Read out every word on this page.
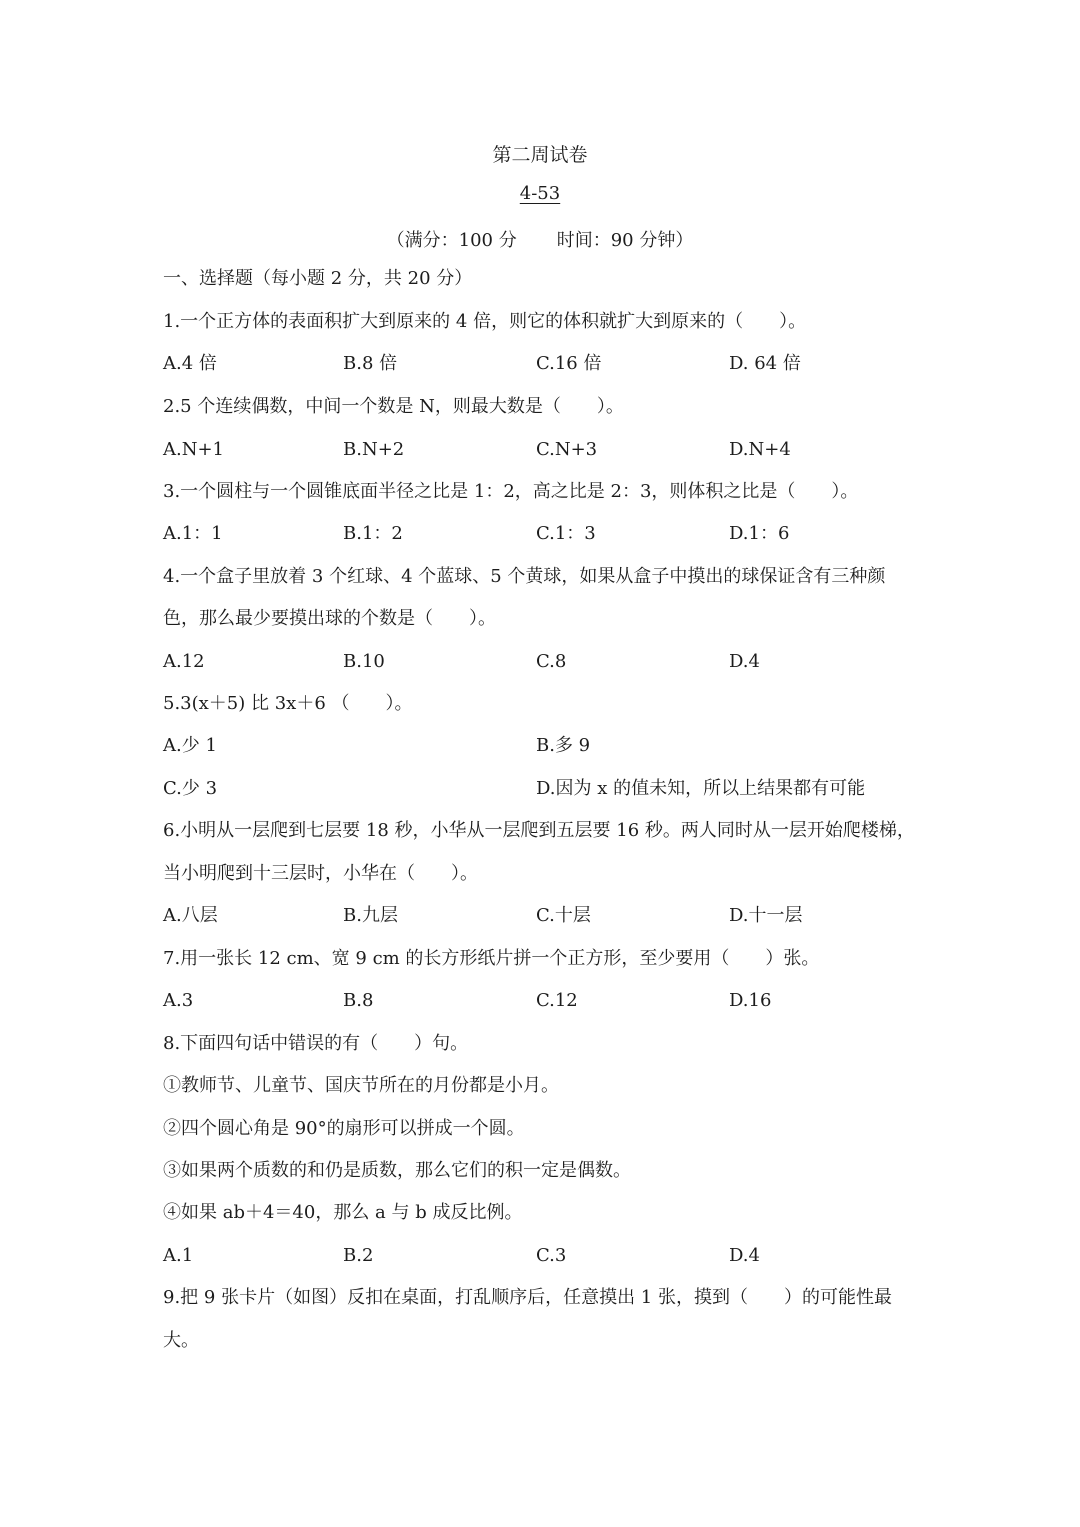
第二周试卷
4-53
（满分：100 分 时间：90 分钟）
一、选择题（每小题 2 分，共 20 分）
1.一个正方体的表面积扩大到原来的 4 倍，则它的体积就扩大到原来的（　　）。
A.4 倍	B.8 倍	C.16 倍	D. 64 倍
2.5 个连续偶数，中间一个数是 N，则最大数是（　　）。
A.N+1	B.N+2	C.N+3	D.N+4
3.一个圆柱与一个圆锥底面半径之比是 1：2，高之比是 2：3，则体积之比是（　　）。
A.1：1	B.1：2	C.1：3	D.1：6
4.一个盒子里放着 3 个红球、4 个蓝球、5 个黄球，如果从盒子中摸出的球保证含有三种颜
色，那么最少要摸出球的个数是（　　）。
A.12	B.10	C.8	D.4
5.3(x＋5) 比 3x＋6 （　　）。
A.少 1	B.多 9
C.少 3	D.因为 x 的值未知，所以上结果都有可能
6.小明从一层爬到七层要 18 秒，小华从一层爬到五层要 16 秒。两人同时从一层开始爬楼梯，
当小明爬到十三层时，小华在（　　）。
A.八层	B.九层	C.十层	D.十一层
7.用一张长 12 cm、宽 9 cm 的长方形纸片拼一个正方形，至少要用（　　）张。
A.3	B.8	C.12	D.16
8.下面四句话中错误的有（　　）句。
①教师节、儿童节、国庆节所在的月份都是小月。
②四个圆心角是 90°的扇形可以拼成一个圆。
③如果两个质数的和仍是质数，那么它们的积一定是偶数。
④如果 ab＋4＝40，那么 a 与 b 成反比例。
A.1	B.2	C.3	D.4
9.把 9 张卡片（如图）反扣在桌面，打乱顺序后，任意摸出 1 张，摸到（　　）的可能性最
大。
